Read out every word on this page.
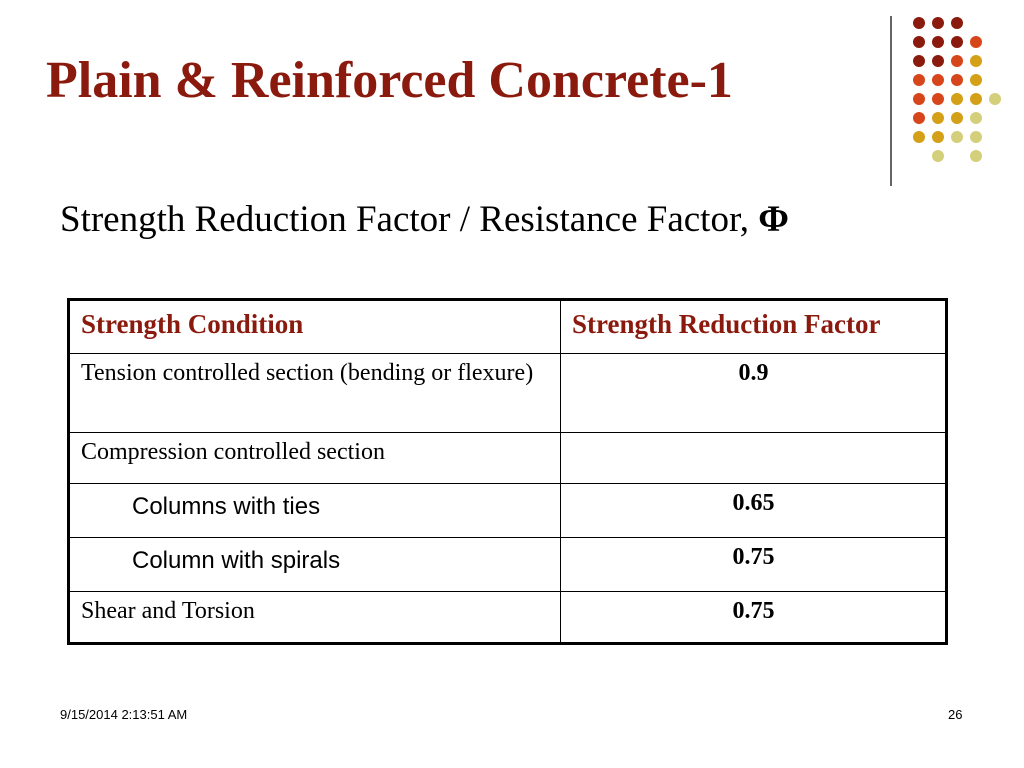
Plain & Reinforced Concrete-1
Strength Reduction Factor / Resistance Factor, Φ
Strength Condition	Strength Reduction Factor
Tension controlled section (bending or flexure)	0.9
Compression controlled section	
Columns with ties	0.65
Column with spirals	0.75
Shear and Torsion	0.75
9/15/2014 2:13:51 AM	26
